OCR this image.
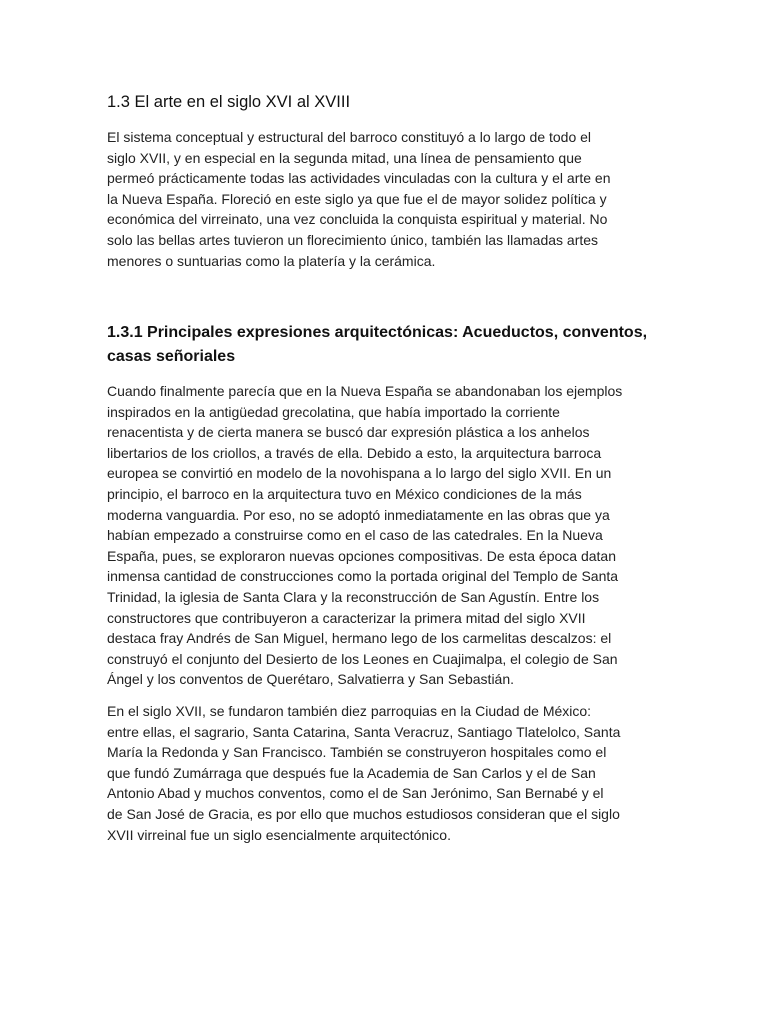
1.3 El arte en el siglo XVI al XVIII

El sistema conceptual y estructural del barroco constituyó a lo largo de todo el
siglo XVII, y en especial en la segunda mitad, una línea de pensamiento que
permeó prácticamente todas las actividades vinculadas con la cultura y el arte en
la Nueva España. Floreció en este siglo ya que fue el de mayor solidez política y
económica del virreinato, una vez concluida la conquista espiritual y material. No
solo las bellas artes tuvieron un florecimiento único, también las llamadas artes
menores o suntuarias como la platería y la cerámica.

1.3.1 Principales expresiones arquitectónicas: Acueductos, conventos,
casas señoriales

Cuando finalmente parecía que en la Nueva España se abandonaban los ejemplos
inspirados en la antigüedad grecolatina, que había importado la corriente
renacentista y de cierta manera se buscó dar expresión plástica a los anhelos
libertarios de los criollos, a través de ella. Debido a esto, la arquitectura barroca
europea se convirtió en modelo de la novohispana a lo largo del siglo XVII. En un
principio, el barroco en la arquitectura tuvo en México condiciones de la más
moderna vanguardia. Por eso, no se adoptó inmediatamente en las obras que ya
habían empezado a construirse como en el caso de las catedrales. En la Nueva
España, pues, se exploraron nuevas opciones compositivas. De esta época datan
inmensa cantidad de construcciones como la portada original del Templo de Santa
Trinidad, la iglesia de Santa Clara y la reconstrucción de San Agustín. Entre los
constructores que contribuyeron a caracterizar la primera mitad del siglo XVII
destaca fray Andrés de San Miguel, hermano lego de los carmelitas descalzos: el
construyó el conjunto del Desierto de los Leones en Cuajimalpa, el colegio de San
Ángel y los conventos de Querétaro, Salvatierra y San Sebastián.

En el siglo XVII, se fundaron también diez parroquias en la Ciudad de México:
entre ellas, el sagrario, Santa Catarina, Santa Veracruz, Santiago Tlatelolco, Santa
María la Redonda y San Francisco. También se construyeron hospitales como el
que fundó Zumárraga que después fue la Academia de San Carlos y el de San
Antonio Abad y muchos conventos, como el de San Jerónimo, San Bernabé y el
de San José de Gracia, es por ello que muchos estudiosos consideran que el siglo
XVII virreinal fue un siglo esencialmente arquitectónico.
